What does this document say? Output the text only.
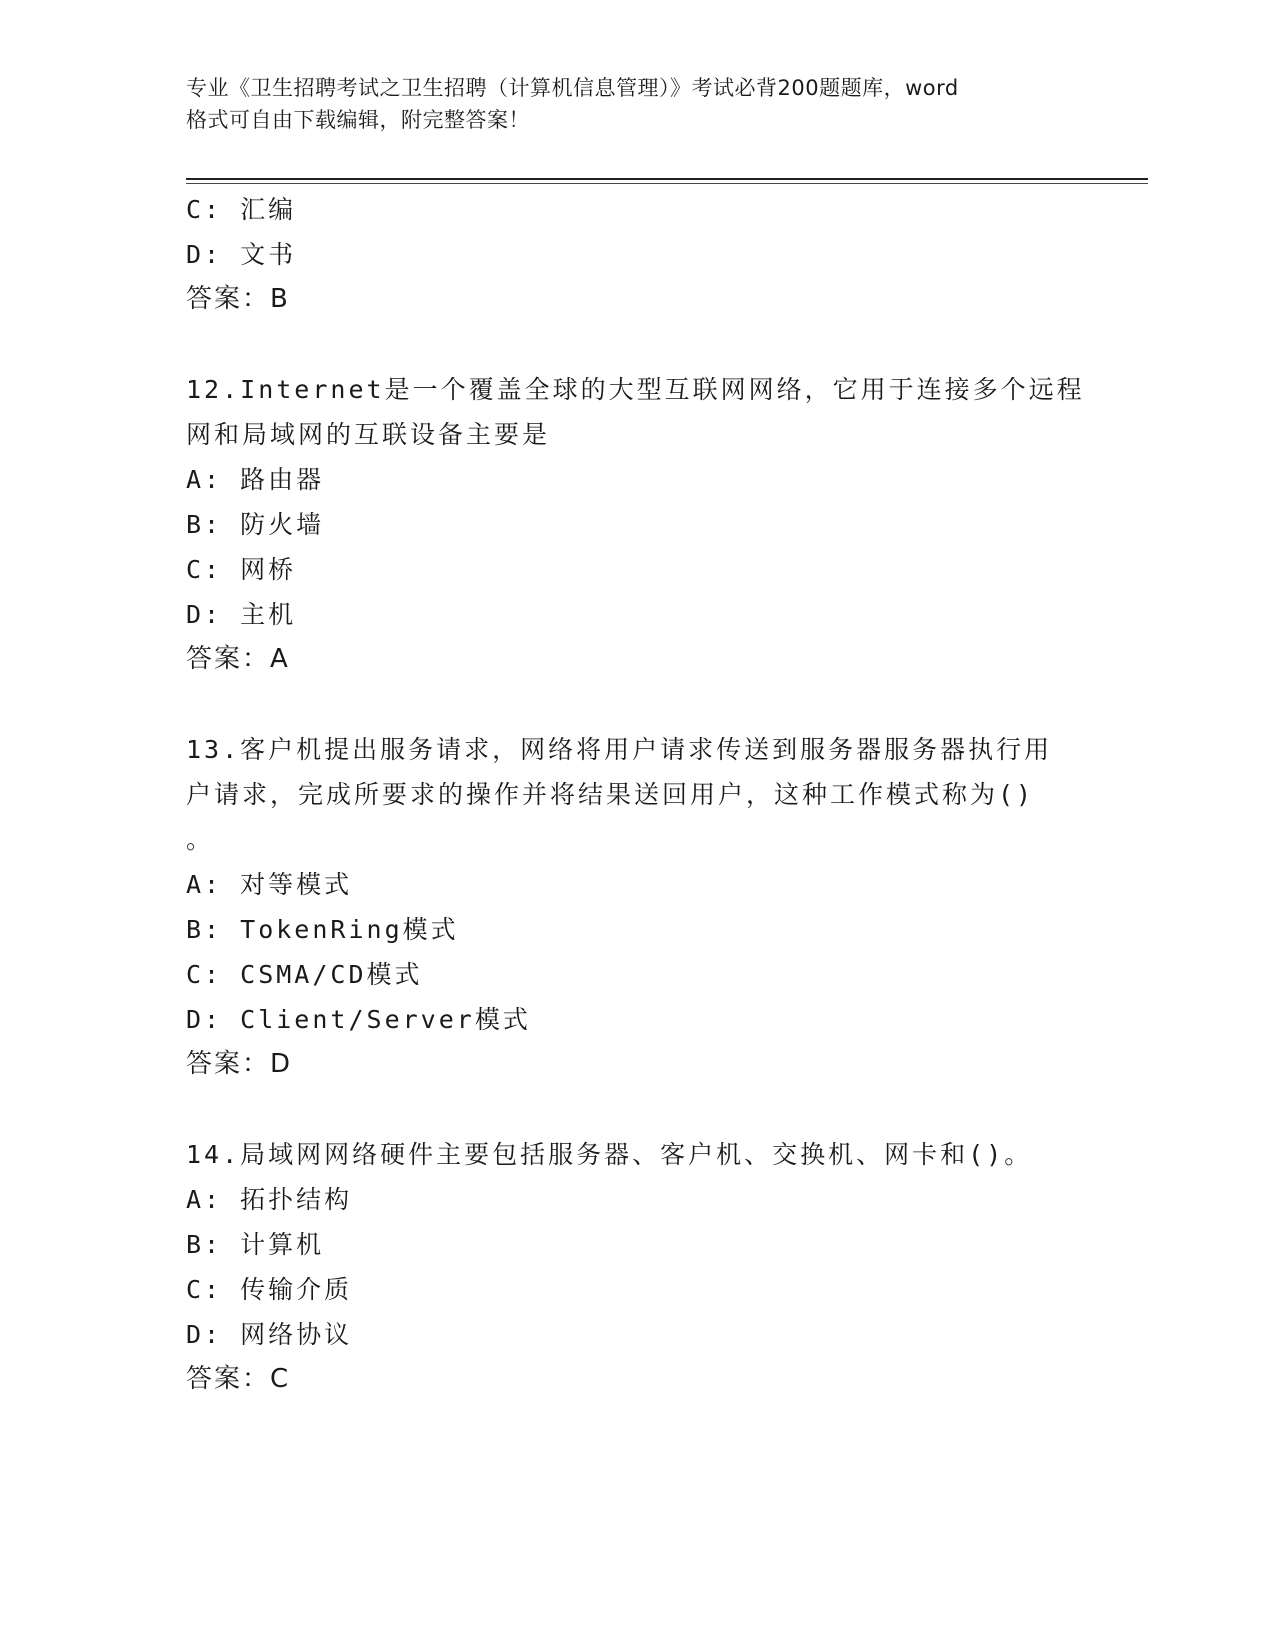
专业《卫生招聘考试之卫生招聘（计算机信息管理）》考试必背200题题库，word
格式可自由下载编辑，附完整答案！
C: 汇编
D: 文书
答案：B
12.Internet是一个覆盖全球的大型互联网网络，它用于连接多个远程
网和局域网的互联设备主要是
A: 路由器
B: 防火墙
C: 网桥
D: 主机
答案：A
13.客户机提出服务请求，网络将用户请求传送到服务器服务器执行用
户请求，完成所要求的操作并将结果送回用户，这种工作模式称为()
。
A: 对等模式
B: TokenRing模式
C: CSMA/CD模式
D: Client/Server模式
答案：D
14.局域网网络硬件主要包括服务器、客户机、交换机、网卡和()。
A: 拓扑结构
B: 计算机
C: 传输介质
D: 网络协议
答案：C
